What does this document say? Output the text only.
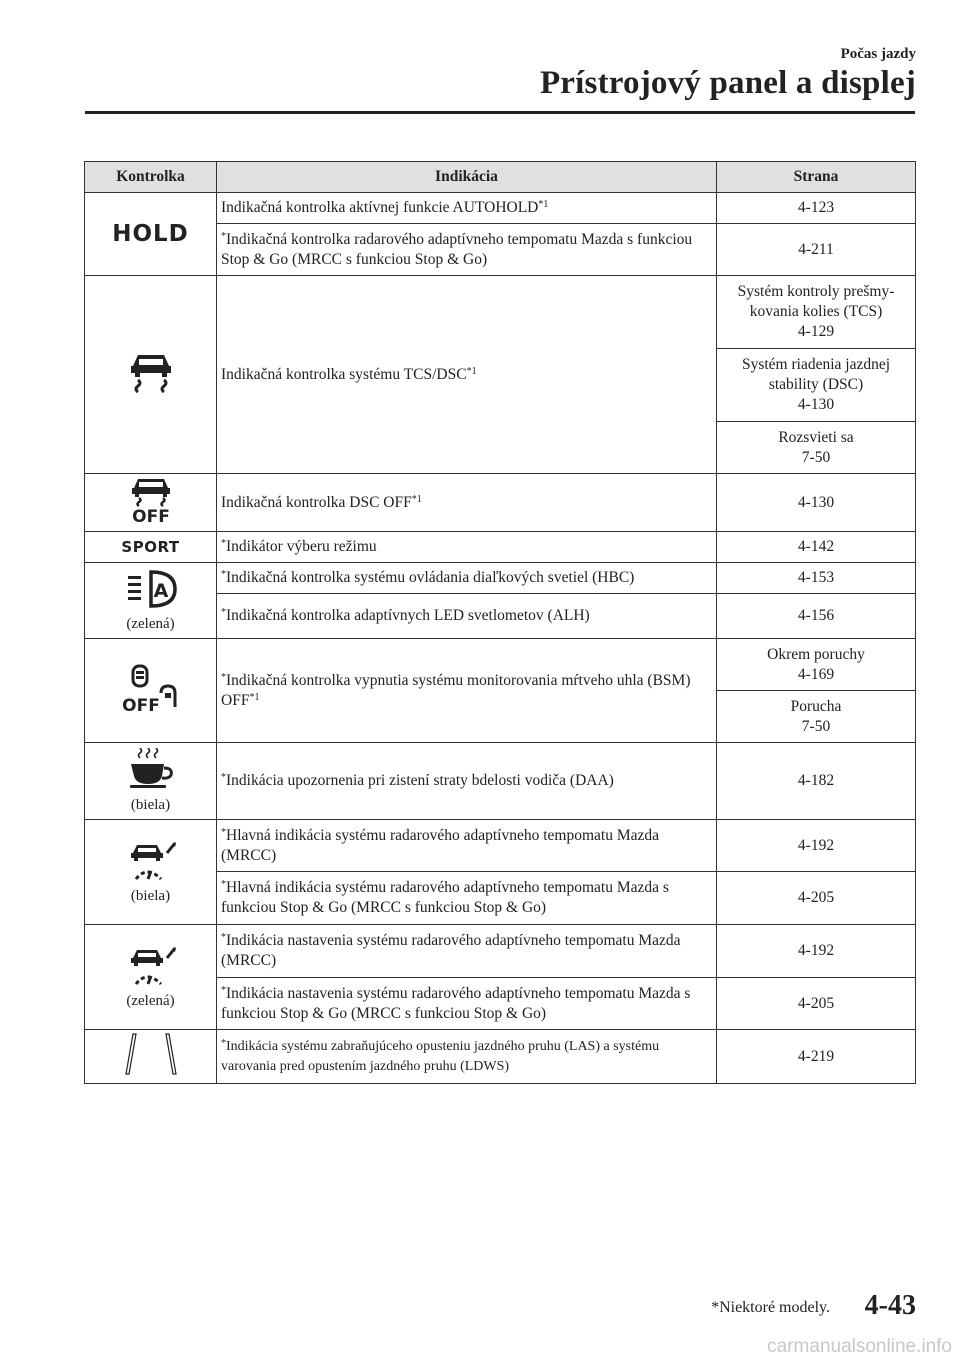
Počas jazdy
Prístrojový panel a displej
Kontrolka	Indikácia	Strana
HOLD	Indikačná kontrolka aktívnej funkcie AUTOHOLD$^{*1}$	4-123
	*Indikačná kontrolka radarového adaptívneho tempomatu Mazda s funkciou Stop & Go (MRCC s funkciou Stop & Go)	4-211

	Indikačná kontrolka systému TCS/DSC$^{*1}$	Systém kontroly prešmy-
kovania kolies (TCS)
4-129
		Systém riadenia jazdnej
stability (DSC)
4-130
		Rozsvieti sa
7-50

OFF	Indikačná kontrolka DSC OFF$^{*1}$	4-130
SPORT	*Indikátor výberu režimu	4-142

A
(zelená)	*Indikačná kontrolka systému ovládania diaľkových svetiel (HBC)	4-153
	*Indikačná kontrolka adaptívnych LED svetlometov (ALH)	4-156

OFF	*Indikačná kontrolka vypnutia systému monitorovania mŕtveho uhla (BSM) OFF$^{*1}$	Okrem poruchy
4-169
		Porucha
7-50

(biela)	*Indikácia upozornenia pri zistení straty bdelosti vodiča (DAA)	4-182

(biela)	*Hlavná indikácia systému radarového adaptívneho tempomatu Mazda (MRCC)	4-192
	*Hlavná indikácia systému radarového adaptívneho tempomatu Mazda s funkciou Stop & Go (MRCC s funkciou Stop & Go)	4-205

(zelená)	*Indikácia nastavenia systému radarového adaptívneho tempomatu Mazda (MRCC)	4-192
	*Indikácia nastavenia systému radarového adaptívneho tempomatu Mazda s funkciou Stop & Go (MRCC s funkciou Stop & Go)	4-205

	*Indikácia systému zabraňujúceho opusteniu jazdného pruhu (LAS) a systému varovania pred opustením jazdného pruhu (LDWS)	4-219
*Niektoré modely. 4-43
carmanualsonline.info
